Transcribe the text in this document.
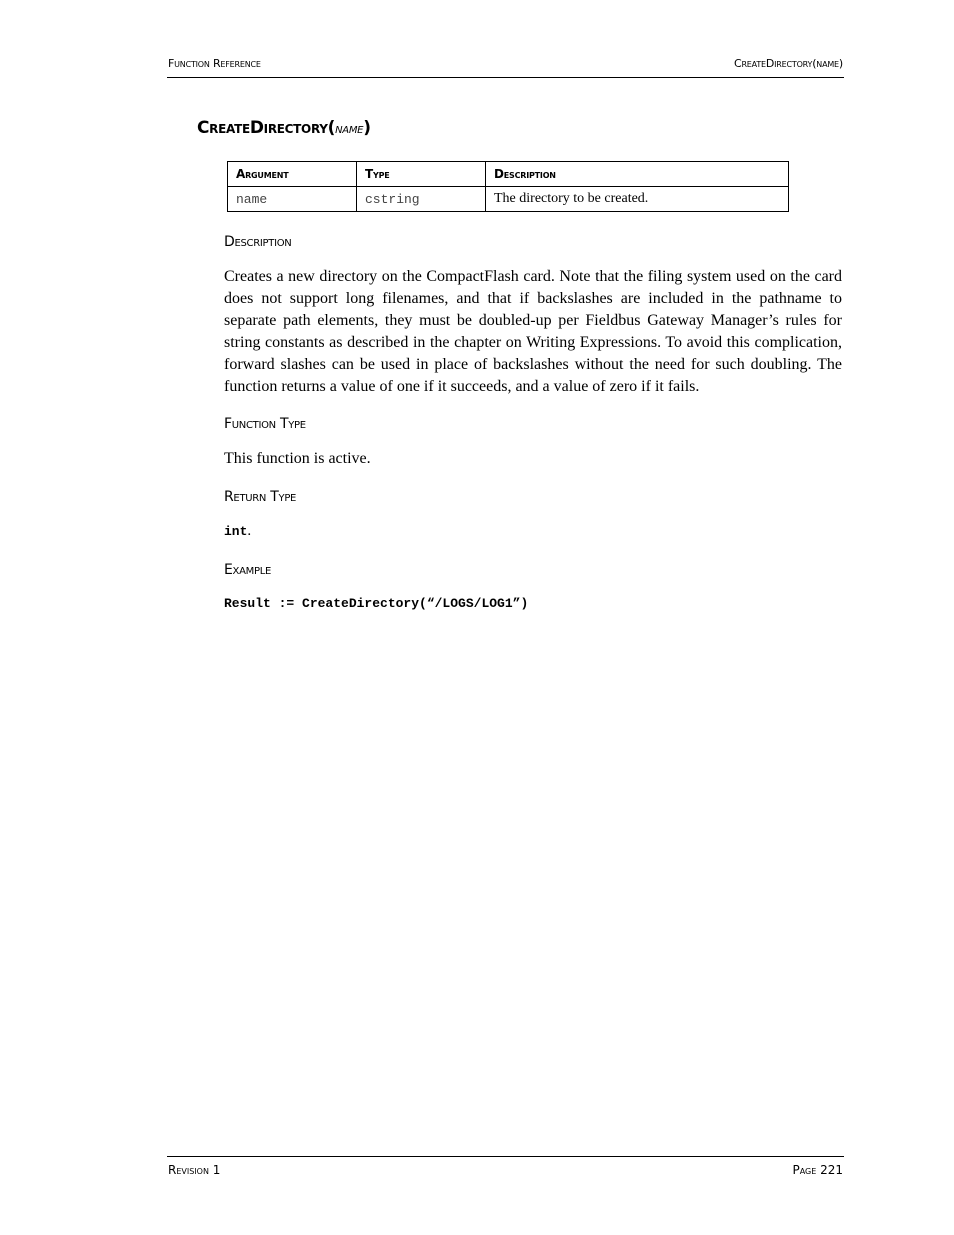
Function Reference	CreateDirectory(name)
CreateDirectory(name)
Argument	Type	Description
name	cstring	The directory to be created.
Description

Creates a new directory on the CompactFlash card. Note that the filing system used on the card does not support long filenames, and that if backslashes are included in the pathname to separate path elements, they must be doubled-up per Fieldbus Gateway Manager’s rules for string constants as described in the chapter on Writing Expressions. To avoid this complication, forward slashes can be used in place of backslashes without the need for such doubling. The function returns a value of one if it succeeds, and a value of zero if it fails.

Function Type

This function is active.

Return Type
int.
Example
Result := CreateDirectory(“/LOGS/LOG1”)
Revision 1	Page 221
